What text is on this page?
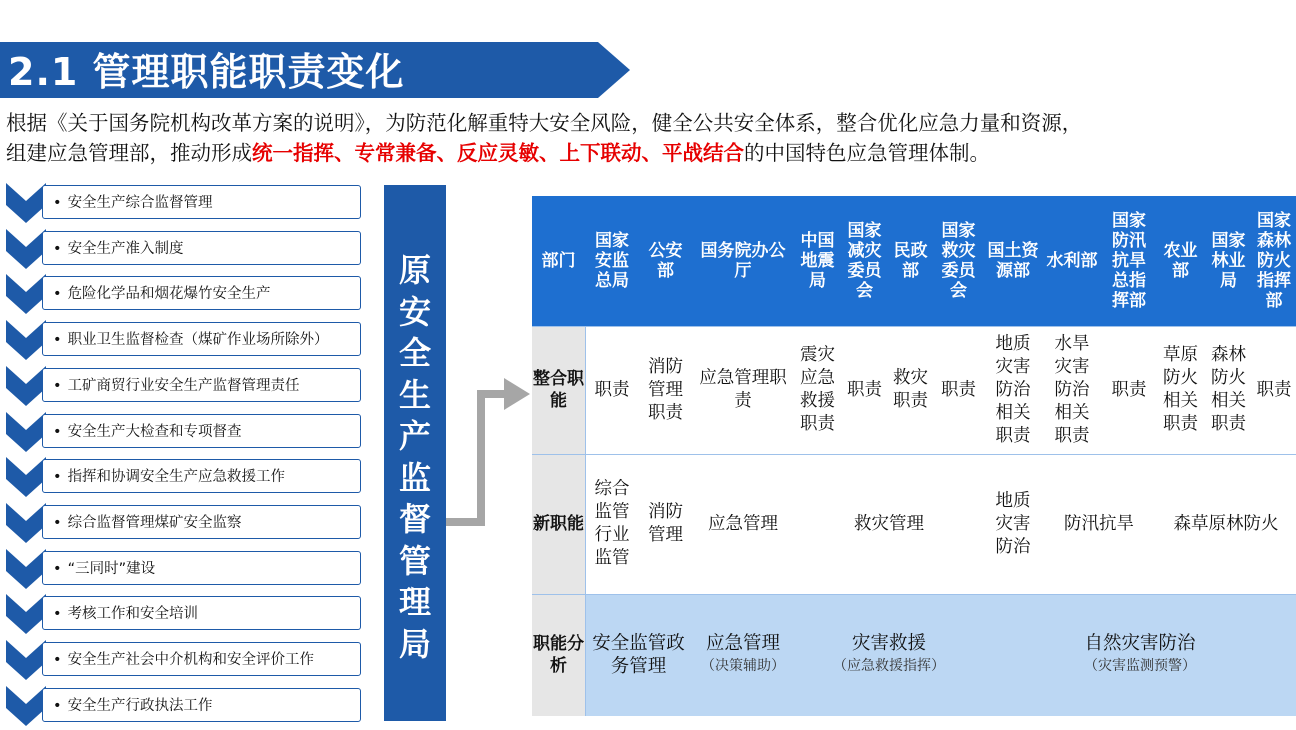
2.1 管理职能职责变化
根据《关于国务院机构改革方案的说明》，为防范化解重特大安全风险，健全公共安全体系，整合优化应急力量和资源，
组建应急管理部，推动形成统一指挥、专常兼备、反应灵敏、上下联动、平战结合的中国特色应急管理体制。
• 安全生产综合监督管理
• 安全生产准入制度
• 危险化学品和烟花爆竹安全生产
• 职业卫生监督检查（煤矿作业场所除外）
• 工矿商贸行业安全生产监督管理责任
• 安全生产大检查和专项督查
• 指挥和协调安全生产应急救援工作
• 综合监督管理煤矿安全监察
• “三同时”建设
• 考核工作和安全培训
• 安全生产社会中介机构和安全评价工作
• 安全生产行政执法工作
原
安
全
生
产
监
督
管
理
局
部门
国家安监总局
公安部
国务院办公厅
中国地震局
国家减灾委员会
民政部
国家救灾委员会
国土资源部 水利部
国家防汛抗旱总指挥部
农业部
国家林业局
国家森林防火指挥部
整合职能
职责
消防管理职责
应急管理职责
震灾应急救援职责
职责
救灾职责
职责
地质灾害防治相关职责
水旱灾害防治相关职责
职责
草原防火相关职责
森林防火相关职责
职责
新职能
综合监管行业监管
消防管理
应急管理	救灾管理
地质灾害防治
防汛抗旱 森草原林防火
职能分析
安全监管政务管理
应急管理
（决策辅助）
灾害救援
（应急救援指挥）
自然灾害防治
（灾害监测预警）
